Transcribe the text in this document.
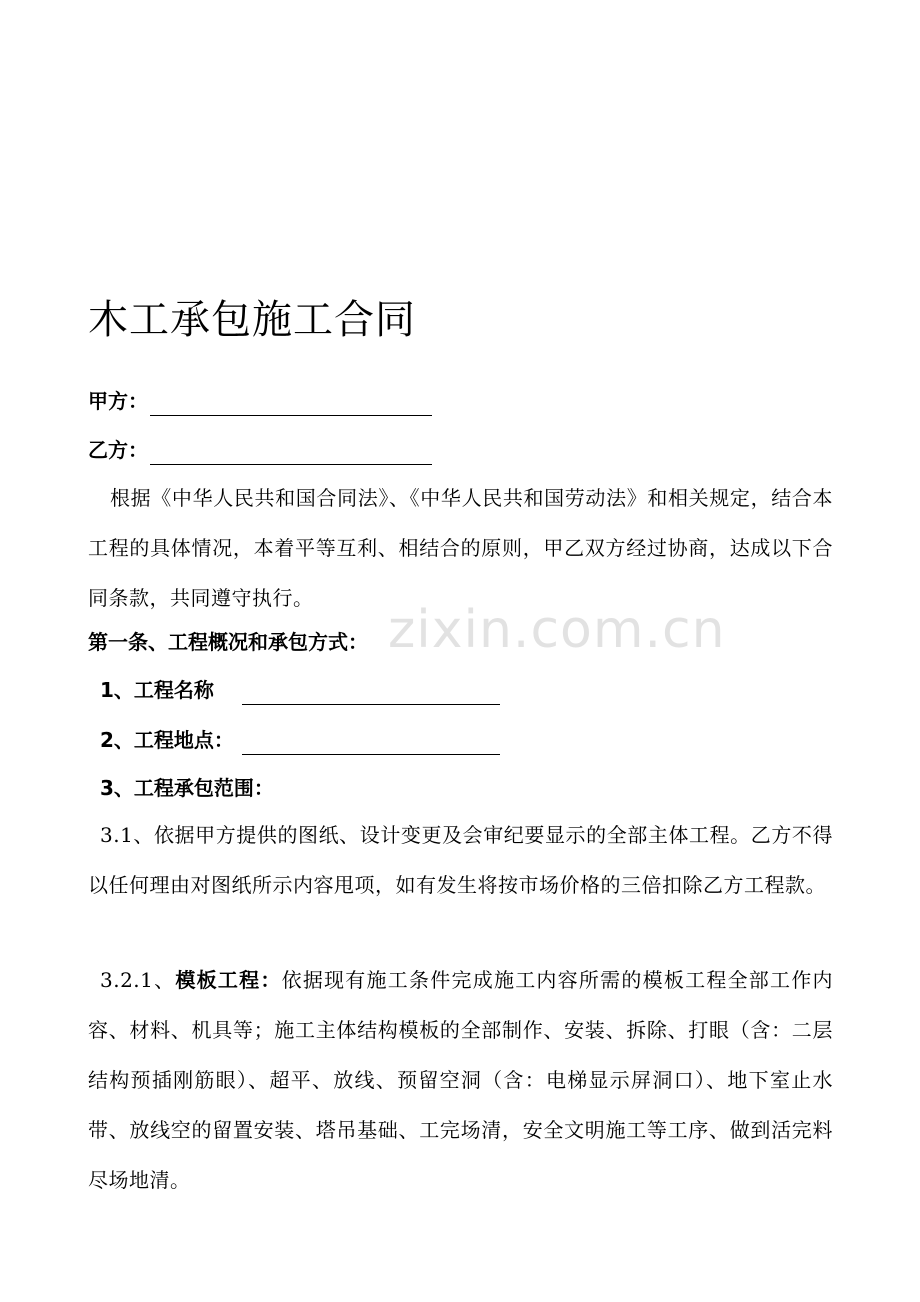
木工承包施工合同
甲方：
乙方：
根据《中华人民共和国合同法》、《中华人民共和国劳动法》和相关规定，结合本工程的具体情况，本着平等互利、相结合的原则，甲乙双方经过协商，达成以下合同条款，共同遵守执行。
第一条、工程概况和承包方式：
1、工程名称
2、工程地点：
3、工程承包范围：
3.1、依据甲方提供的图纸、设计变更及会审纪要显示的全部主体工程。乙方不得以任何理由对图纸所示内容甩项，如有发生将按市场价格的三倍扣除乙方工程款。
3.2.1、模板工程：依据现有施工条件完成施工内容所需的模板工程全部工作内容、材料、机具等；施工主体结构模板的全部制作、安装、拆除、打眼（含：二层结构预插刚筋眼）、超平、放线、预留空洞（含：电梯显示屏洞口）、地下室止水带、放线空的留置安装、塔吊基础、工完场清，安全文明施工等工序、做到活完料尽场地清。
zixin.com.cn
